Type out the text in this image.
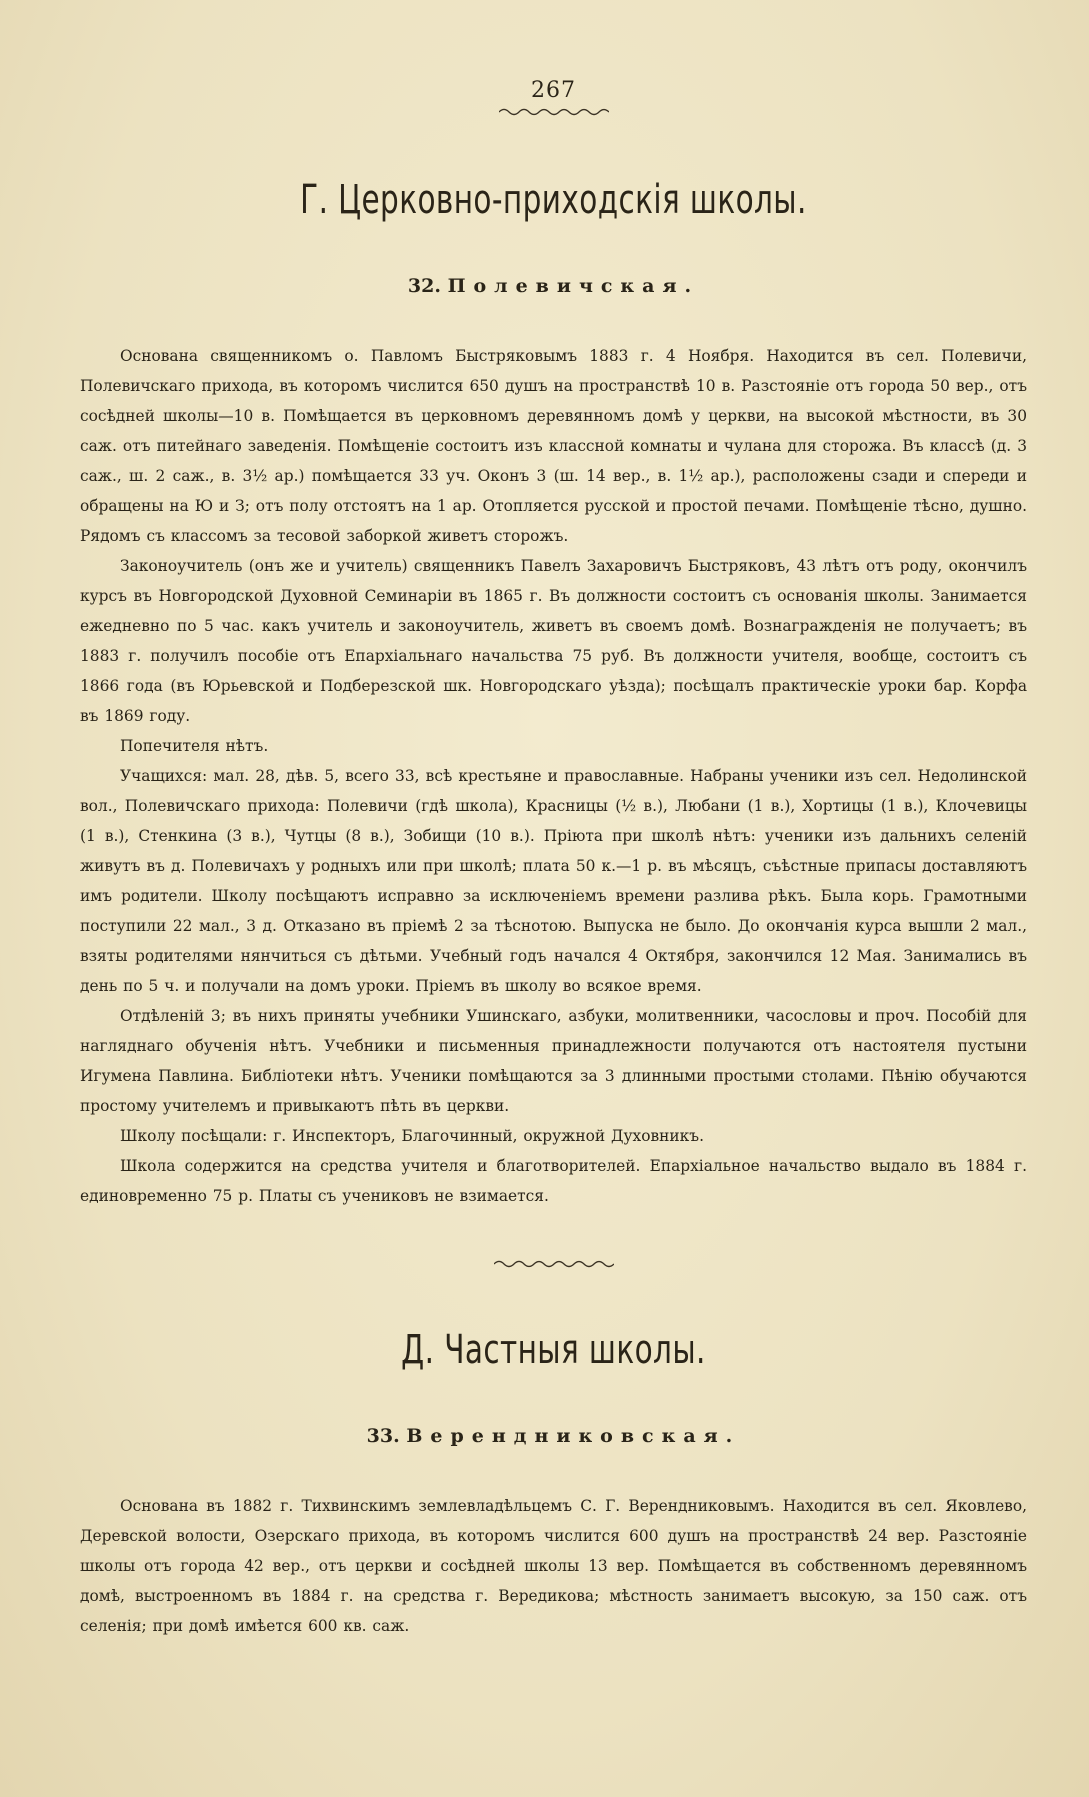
267

Г. Церковно-приходскія школы.
32. Полевичская.

Основана священникомъ о. Павломъ Быстряковымъ 1883 г. 4 Ноября. Находится въ сел. Полевичи, Полевичскаго прихода, въ которомъ числится 650 душъ на пространствѣ 10 в. Разстояніе отъ города 50 вер., отъ сосѣдней школы—10 в. Помѣщается въ церковномъ деревянномъ домѣ у церкви, на высокой мѣстности, въ 30 саж. отъ питейнаго заведенія. Помѣщеніе состоитъ изъ классной комнаты и чулана для сторожа. Въ классѣ (д. 3 саж., ш. 2 саж., в. 3½ ар.) помѣщается 33 уч. Оконъ 3 (ш. 14 вер., в. 1½ ар.), расположены сзади и спереди и обращены на Ю и З; отъ полу отстоятъ на 1 ар. Отопляется русской и простой печами. Помѣщеніе тѣсно, душно. Рядомъ съ классомъ за тесовой заборкой живетъ сторожъ.

Законоучитель (онъ же и учитель) священникъ Павелъ Захаровичъ Быстряковъ, 43 лѣтъ отъ роду, окончилъ курсъ въ Новгородской Духовной Семинаріи въ 1865 г. Въ должности состоитъ съ основанія школы. Занимается ежедневно по 5 час. какъ учитель и законоучитель, живетъ въ своемъ домѣ. Вознагражденія не получаетъ; въ 1883 г. получилъ пособіе отъ Епархіальнаго начальства 75 руб. Въ должности учителя, вообще, состоитъ съ 1866 года (въ Юрьевской и Подберезской шк. Новгородскаго уѣзда); посѣщалъ практическіе уроки бар. Корфа въ 1869 году.

Попечителя нѣтъ.

Учащихся: мал. 28, дѣв. 5, всего 33, всѣ крестьяне и православные. Набраны ученики изъ сел. Недолинской вол., Полевичскаго прихода: Полевичи (гдѣ школа), Красницы (½ в.), Любани (1 в.), Хортицы (1 в.), Клочевицы (1 в.), Стенкина (3 в.), Чутцы (8 в.), Зобищи (10 в.). Пріюта при школѣ нѣтъ: ученики изъ дальнихъ селеній живутъ въ д. Полевичахъ у родныхъ или при школѣ; плата 50 к.—1 р. въ мѣсяцъ, съѣстные припасы доставляютъ имъ родители. Школу посѣщаютъ исправно за исключеніемъ времени разлива рѣкъ. Была корь. Грамотными поступили 22 мал., 3 д. Отказано въ пріемѣ 2 за тѣснотою. Выпуска не было. До окончанія курса вышли 2 мал., взяты родителями нянчиться съ дѣтьми. Учебный годъ начался 4 Октября, закончился 12 Мая. Занимались въ день по 5 ч. и получали на домъ уроки. Пріемъ въ школу во всякое время.

Отдѣленій 3; въ нихъ приняты учебники Ушинскаго, азбуки, молитвенники, часословы и проч. Пособій для нагляднаго обученія нѣтъ. Учебники и письменныя принадлежности получаются отъ настоятеля пустыни Игумена Павлина. Библіотеки нѣтъ. Ученики помѣщаются за 3 длинными простыми столами. Пѣнію обучаются простому учителемъ и привыкаютъ пѣть въ церкви.

Школу посѣщали: г. Инспекторъ, Благочинный, окружной Духовникъ.

Школа содержится на средства учителя и благотворителей. Епархіальное начальство выдало въ 1884 г. единовременно 75 р. Платы съ учениковъ не взимается.

Д. Частныя школы.
33. Верендниковская.

Основана въ 1882 г. Тихвинскимъ землевладѣльцемъ С. Г. Верендниковымъ. Находится въ сел. Яковлево, Деревской волости, Озерскаго прихода, въ которомъ числится 600 душъ на пространствѣ 24 вер. Разстояніе школы отъ города 42 вер., отъ церкви и сосѣдней школы 13 вер. Помѣщается въ собственномъ деревянномъ домѣ, выстроенномъ въ 1884 г. на средства г. Вередикова; мѣстность занимаетъ высокую, за 150 саж. отъ селенія; при домѣ имѣется 600 кв. саж.
